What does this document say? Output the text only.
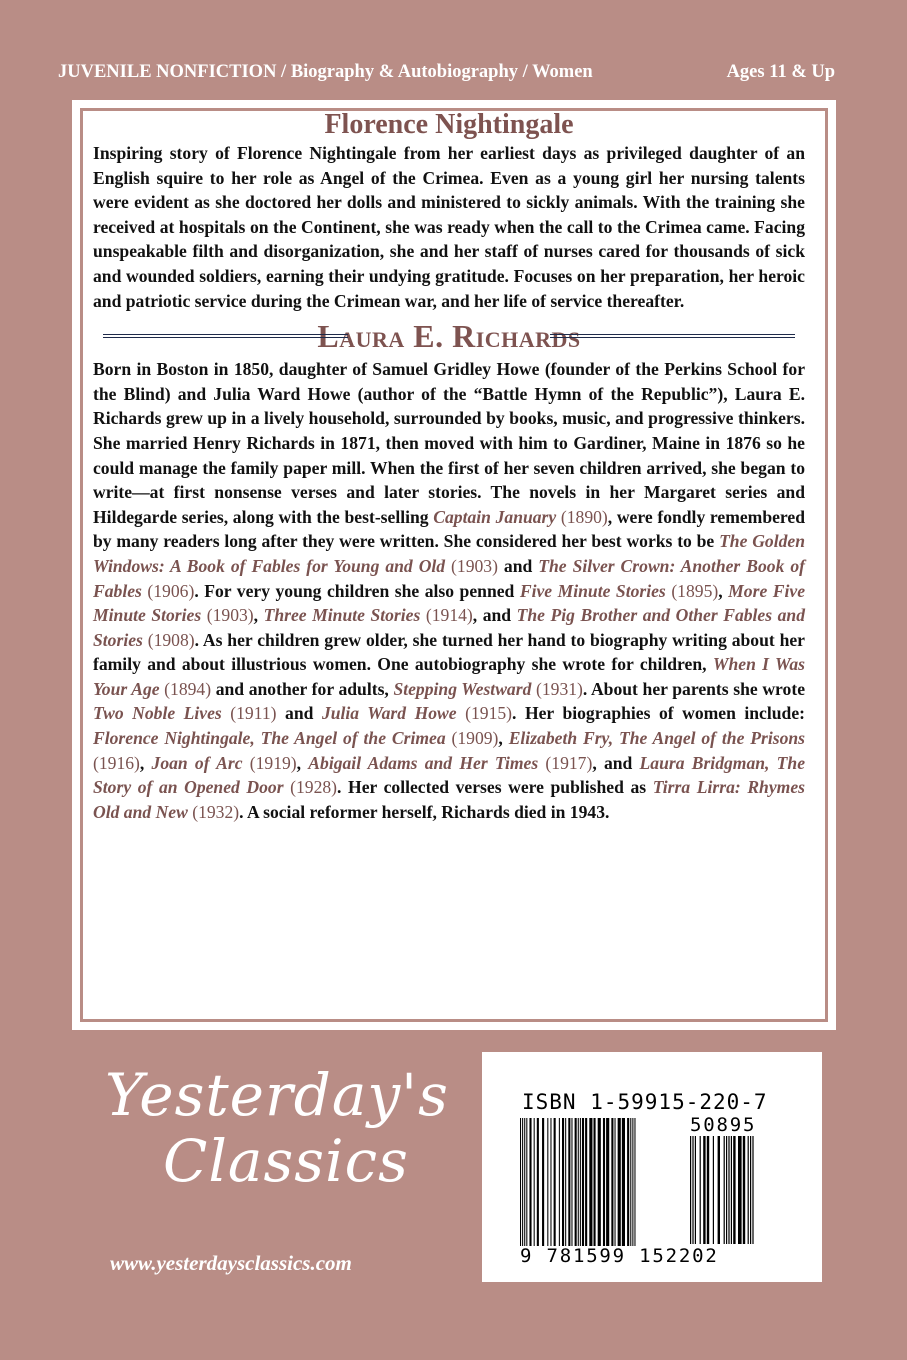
JUVENILE NONFICTION / Biography & Autobiography / Women	Ages 11 & Up
Florence Nightingale

Inspiring story of Florence Nightingale from her earliest days as privileged daughter of an English squire to her role as Angel of the Crimea. Even as a young girl her nursing talents were evident as she doctored her dolls and ministered to sickly animals. With the training she received at hospitals on the Continent, she was ready when the call to the Crimea came. Facing unspeakable filth and disorganization, she and her staff of nurses cared for thousands of sick and wounded soldiers, earning their undying gratitude. Focuses on her preparation, her heroic and patriotic service during the Crimean war, and her life of service thereafter.

Laura E. Richards

Born in Boston in 1850, daughter of Samuel Gridley Howe (founder of the Perkins School for the Blind) and Julia Ward Howe (author of the “Battle Hymn of the Republic”), Laura E. Richards grew up in a lively household, surrounded by books, music, and progressive thinkers. She married Henry Richards in 1871, then moved with him to Gardiner, Maine in 1876 so he could manage the family paper mill. When the first of her seven children arrived, she began to write—at first nonsense verses and later stories. The novels in her Margaret series and Hildegarde series, along with the best-selling Captain January (1890), were fondly remembered by many readers long after they were written. She considered her best works to be The Golden Windows: A Book of Fables for Young and Old (1903) and The Silver Crown: Another Book of Fables (1906). For very young children she also penned Five Minute Stories (1895), More Five Minute Stories (1903), Three Minute Stories (1914), and The Pig Brother and Other Fables and Stories (1908). As her children grew older, she turned her hand to biography writing about her family and about illustrious women. One autobiography she wrote for children, When I Was Your Age (1894) and another for adults, Stepping Westward (1931). About her parents she wrote Two Noble Lives (1911) and Julia Ward Howe (1915). Her biographies of women include: Florence Nightingale, The Angel of the Crimea (1909), Elizabeth Fry, The Angel of the Prisons (1916), Joan of Arc (1919), Abigail Adams and Her Times (1917), and Laura Bridgman, The Story of an Opened Door (1928). Her collected verses were published as Tirra Lirra: Rhymes Old and New (1932). A social reformer herself, Richards died in 1943.

Yesterday's
Classics
www.yesterdaysclassics.com
ISBN 1-59915-220-7
50895
9 781599 152202
